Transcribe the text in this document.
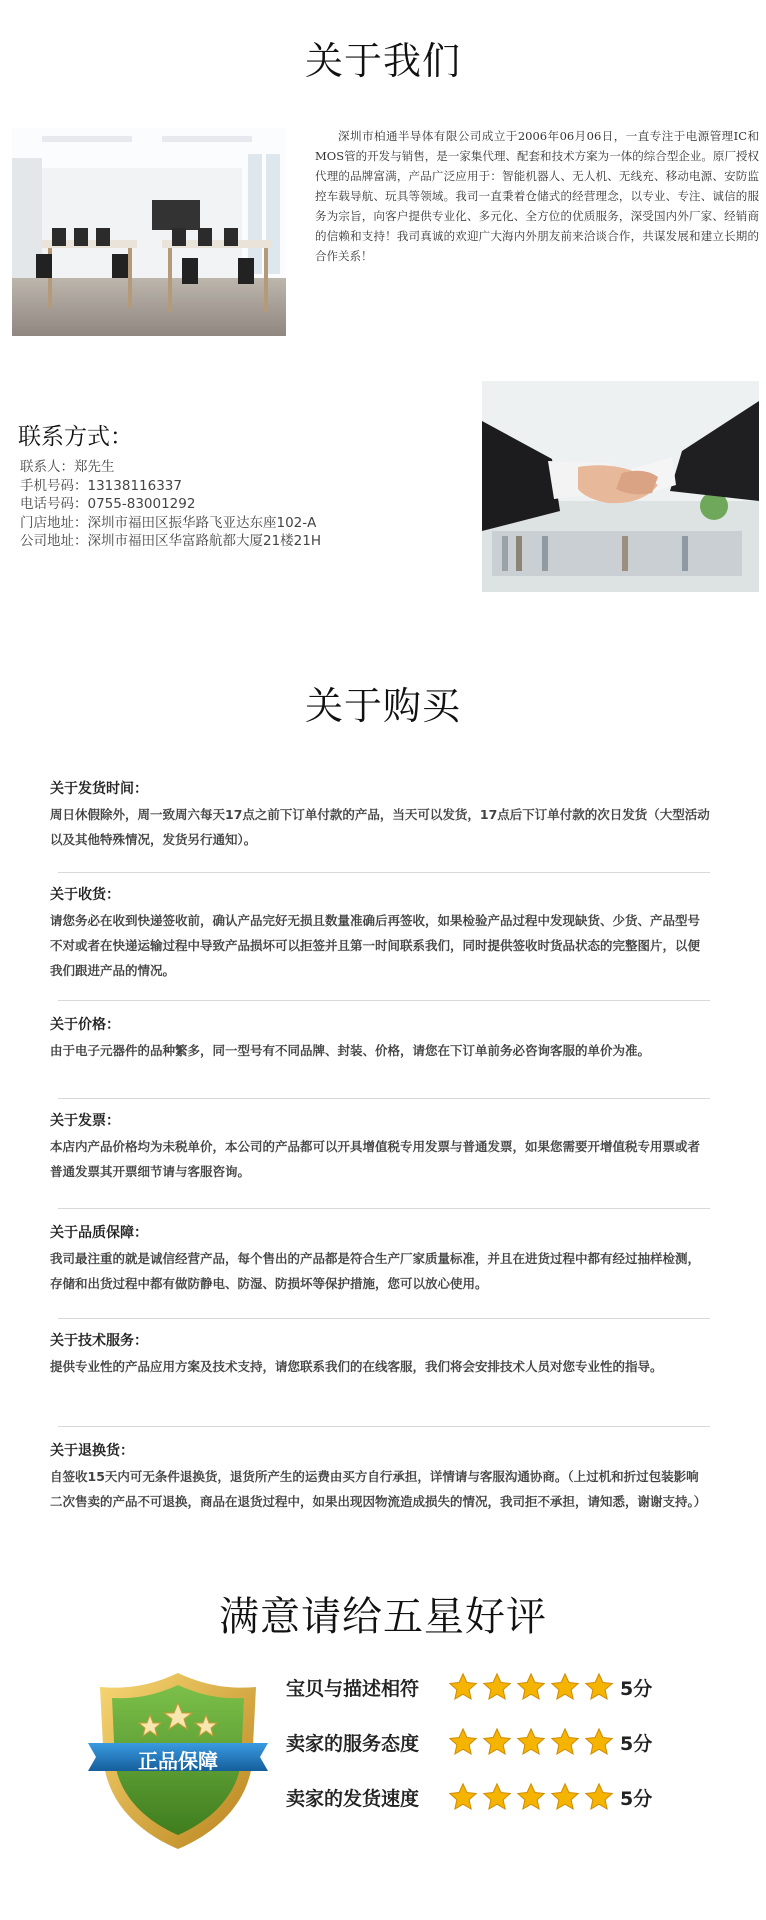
关于我们
深圳市柏通半导体有限公司成立于2006年06月06日，一直专注于电源管理IC和MOS管的开发与销售，是一家集代理、配套和技术方案为一体的综合型企业。原厂授权代理的品牌富满，产品广泛应用于：智能机器人、无人机、无线充、移动电源、安防监控车载导航、玩具等领域。我司一直秉着仓储式的经营理念，以专业、专注、诚信的服务为宗旨，向客户提供专业化、多元化、全方位的优质服务，深受国内外厂家、经销商的信赖和支持！我司真诚的欢迎广大海内外朋友前来洽谈合作，共谋发展和建立长期的合作关系！
联系方式：
联系人：郑先生
手机号码：13138116337
电话号码：0755-83001292
门店地址：深圳市福田区振华路飞亚达东座102-A
公司地址：深圳市福田区华富路航都大厦21楼21H
关于购买
关于发货时间：
周日休假除外，周一致周六每天17点之前下订单付款的产品，当天可以发货，17点后下订单付款的次日发货（大型活动以及其他特殊情况，发货另行通知）。
关于收货：
请您务必在收到快递签收前，确认产品完好无损且数量准确后再签收，如果检验产品过程中发现缺货、少货、产品型号不对或者在快递运输过程中导致产品损坏可以拒签并且第一时间联系我们，同时提供签收时货品状态的完整图片，以便我们跟进产品的情况。
关于价格：
由于电子元器件的品种繁多，同一型号有不同品牌、封装、价格，请您在下订单前务必咨询客服的单价为准。
关于发票：
本店内产品价格均为未税单价，本公司的产品都可以开具增值税专用发票与普通发票，如果您需要开增值税专用票或者普通发票其开票细节请与客服咨询。
关于品质保障：
我司最注重的就是诚信经营产品，每个售出的产品都是符合生产厂家质量标准，并且在进货过程中都有经过抽样检测，存储和出货过程中都有做防静电、防湿、防损坏等保护措施，您可以放心使用。
关于技术服务：
提供专业性的产品应用方案及技术支持，请您联系我们的在线客服，我们将会安排技术人员对您专业性的指导。
关于退换货：
自签收15天内可无条件退换货，退货所产生的运费由买方自行承担，详情请与客服沟通协商。（上过机和折过包装影响二次售卖的产品不可退换，商品在退货过程中，如果出现因物流造成损失的情况，我司拒不承担，请知悉，谢谢支持。）
满意请给五星好评
正品保障
宝贝与描述相符	5分
卖家的服务态度	5分
卖家的发货速度	5分
